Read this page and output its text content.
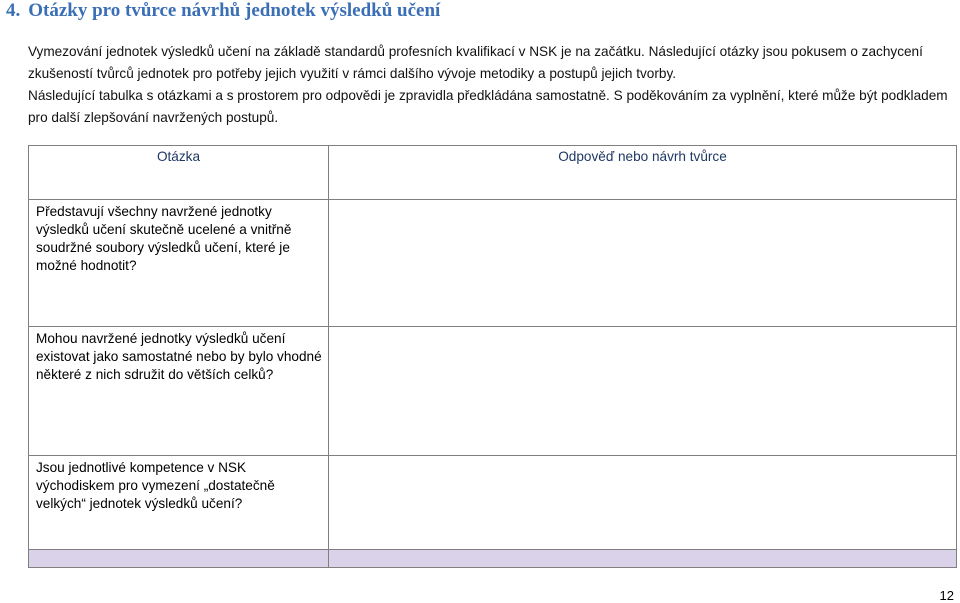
4. Otázky pro tvůrce návrhů jednotek výsledků učení
Vymezování jednotek výsledků učení na základě standardů profesních kvalifikací v NSK je na začátku. Následující otázky jsou pokusem o zachycení zkušeností tvůrců jednotek pro potřeby jejich využití v rámci dalšího vývoje metodiky a postupů jejich tvorby.
Následující tabulka s otázkami a s prostorem pro odpovědi je zpravidla předkládána samostatně. S poděkováním za vyplnění, které může být podkladem pro další zlepšování navržených postupů.
Otázka	Odpověď nebo návrh tvůrce
Představují všechny navržené jednotky výsledků učení skutečně ucelené a vnitřně soudržné soubory výsledků učení, které je možné hodnotit?	
Mohou navržené jednotky výsledků učení existovat jako samostatné nebo by bylo vhodné některé z nich sdružit do větších celků?	
Jsou jednotlivé kompetence v NSK východiskem pro vymezení „dostatečně velkých“ jednotek výsledků učení?	

12
